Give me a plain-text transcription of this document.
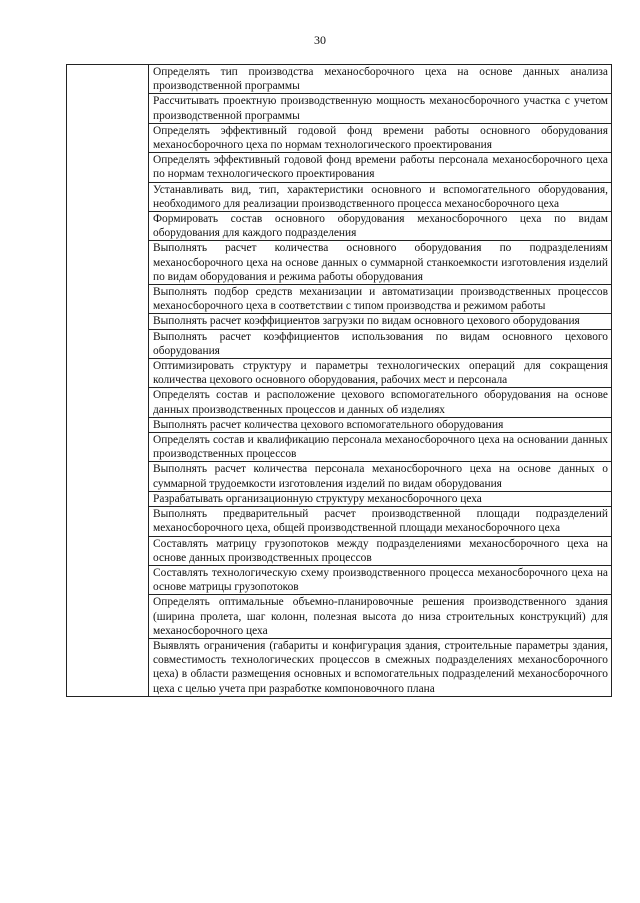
30
	Определять тип производства механосборочного цеха на основе данных анализа производственной программы
Рассчитывать проектную производственную мощность механосборочного участка с учетом производственной программы
Определять эффективный годовой фонд времени работы основного оборудования механосборочного цеха по нормам технологического проектирования
Определять эффективный годовой фонд времени работы персонала механосборочного цеха по нормам технологического проектирования
Устанавливать вид, тип, характеристики основного и вспомогательного оборудования, необходимого для реализации производственного процесса механосборочного цеха
Формировать состав основного оборудования механосборочного цеха по видам оборудования для каждого подразделения
Выполнять расчет количества основного оборудования по подразделениям механосборочного цеха на основе данных о суммарной станкоемкости изготовления изделий по видам оборудования и режима работы оборудования
Выполнять подбор средств механизации и автоматизации производственных процессов механосборочного цеха в соответствии с типом производства и режимом работы
Выполнять расчет коэффициентов загрузки по видам основного цехового оборудования
Выполнять расчет коэффициентов использования по видам основного цехового оборудования
Оптимизировать структуру и параметры технологических операций для сокращения количества цехового основного оборудования, рабочих мест и персонала
Определять состав и расположение цехового вспомогательного оборудования на основе данных производственных процессов и данных об изделиях
Выполнять расчет количества цехового вспомогательного оборудования
Определять состав и квалификацию персонала механосборочного цеха на основании данных производственных процессов
Выполнять расчет количества персонала механосборочного цеха на основе данных о суммарной трудоемкости изготовления изделий по видам оборудования
Разрабатывать организационную структуру механосборочного цеха
Выполнять предварительный расчет производственной площади подразделений механосборочного цеха, общей производственной площади механосборочного цеха
Составлять матрицу грузопотоков между подразделениями механосборочного цеха на основе данных производственных процессов
Составлять технологическую схему производственного процесса механосборочного цеха на основе матрицы грузопотоков
Определять оптимальные объемно-планировочные решения производственного здания (ширина пролета, шаг колонн, полезная высота до низа строительных конструкций) для механосборочного цеха
Выявлять ограничения (габариты и конфигурация здания, строительные параметры здания, совместимость технологических процессов в смежных подразделениях механосборочного цеха) в области размещения основных и вспомогательных подразделений механосборочного цеха с целью учета при разработке компоновочного плана
